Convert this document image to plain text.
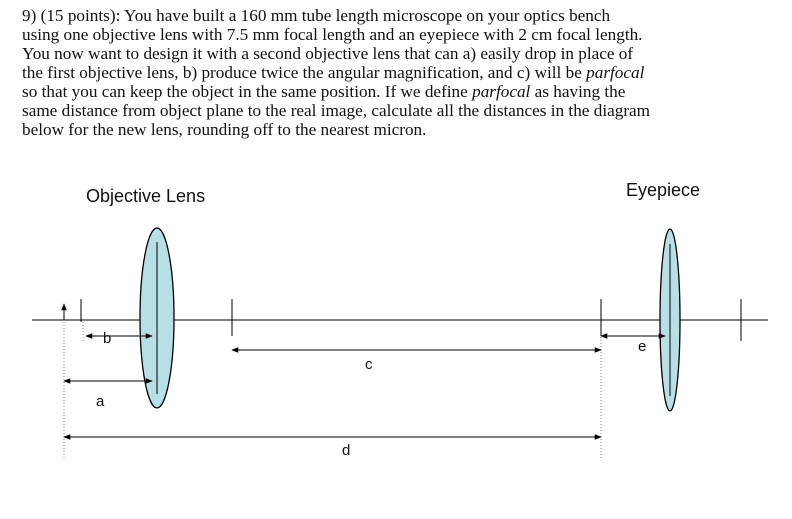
9) (15 points): You have built a 160 mm tube length microscope on your optics bench

using one objective lens with 7.5 mm focal length and an eyepiece with 2 cm focal length.

You now want to design it with a second objective lens that can a) easily drop in place of

the first objective lens, b) produce twice the angular magnification, and c) will be parfocal

so that you can keep the object in the same position. If we define parfocal as having the

same distance from object plane to the real image, calculate all the distances in the diagram

below for the new lens, rounding off to the nearest micron.

Objective Lens	Eyepiece
b
a
c
e
d
